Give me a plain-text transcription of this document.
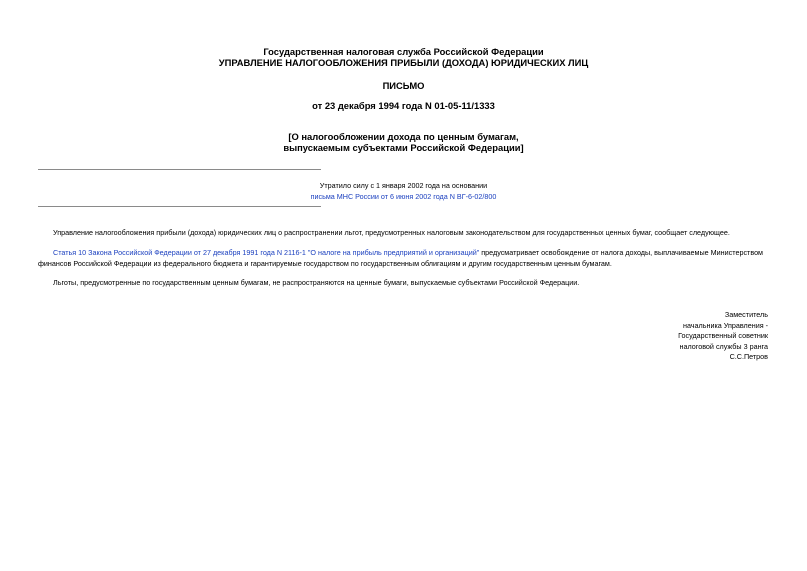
Государственная налоговая служба Российской Федерации
УПРАВЛЕНИЕ НАЛОГООБЛОЖЕНИЯ ПРИБЫЛИ (ДОХОДА) ЮРИДИЧЕСКИХ ЛИЦ
ПИСЬМО
от 23 декабря 1994 года N 01-05-11/1333
[О налогообложении дохода по ценным бумагам,
выпускаемым субъектами Российской Федерации]
Утратило силу с 1 января 2002 года на основании
письма МНС России от 6 июня 2002 года N ВГ-6-02/800
Управление налогообложения прибыли (дохода) юридических лиц о распространении льгот, предусмотренных налоговым законодательством для государственных ценных бумаг, сообщает следующее.
Статья 10 Закона Российской Федерации от 27 декабря 1991 года N 2116-1 "О налоге на прибыль предприятий и организаций" предусматривает освобождение от налога доходы, выплачиваемые Министерством финансов Российской Федерации из федерального бюджета и гарантируемые государством по государственным облигациям и другим государственным ценным бумагам.
Льготы, предусмотренные по государственным ценным бумагам, не распространяются на ценные бумаги, выпускаемые субъектами Российской Федерации.
Заместитель
начальника Управления -
Государственный советник
налоговой службы 3 ранга
С.С.Петров
